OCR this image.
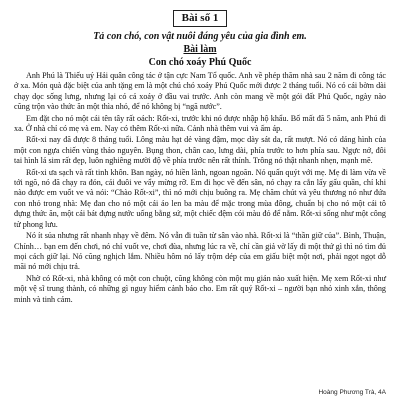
Bài số 1
Tả con chó, con vật nuôi đáng yêu của gia đình em.
Bài làm
Con chó xoáy Phú Quốc

Anh Phú là Thiếu uý Hải quân công tác ở tận cực Nam Tổ quốc. Anh về phép thăm nhà sau 2 năm đi công tác ở xa. Món quà đặc biệt của anh tặng em là một chú chó xoáy Phú Quốc mới được 2 tháng tuổi. Nó có cái bờm dài chạy dọc sống lưng, nhưng lại có cả xoáy ở đầu vai trước. Anh còn mang về một gói đất Phú Quốc, ngày nào cũng trộn vào thức ăn một thìa nhỏ, để nó không bị “ngã nước”.

Em đặt cho nó một cái tên tây rất oách: Rốt-xi, trước khi nó được nhập hộ khẩu. Bố mất đã 5 năm, anh Phú đi xa. Ở nhà chỉ có mẹ và em. Nay có thêm Rốt-xi nữa. Cảnh nhà thêm vui và ấm áp.

Rốt-xi nay đã được 8 tháng tuổi. Lông màu hạt dẻ vàng đậm, mọc dày sát da, rất mượt. Nó có dáng hình của một con ngựa chiến vùng thảo nguyên. Bụng thon, chân cao, lưng dài, phía trước to hơn phía sau. Ngực nở, đôi tai hình lá sim rất đẹp, luôn nghiêng mười độ về phía trước nên rất thính. Trông nó thật nhanh nhẹn, mạnh mẽ.

Rốt-xi ưa sạch và rất tinh khôn. Ban ngày, nó hiền lành, ngoan ngoãn. Nó quấn quýt với mẹ. Mẹ đi làm vừa về tới ngõ, nó đã chạy ra đón, cái đuôi ve vẩy mừng rỡ. Em đi học về đến sân, nó chạy ra cắn lấy gấu quần, chỉ khi nào được em vuốt ve và nói: “Chào Rốt-xi”, thì nó mới chịu buông ra. Mẹ chăm chút và yêu thương nó như đứa con nhỏ trong nhà: Mẹ đan cho nó một cái áo len ba màu để mặc trong mùa đông, chuẩn bị cho nó một cái tô đựng thức ăn, một cái bát đựng nước uống bằng sứ, một chiếc đệm cói màu đỏ để nằm. Rốt-xi sống như một công tử phong lưu.

Nó ít sủa nhưng rất nhanh nhạy về đêm. Nó vẫn đi tuần từ sân vào nhà. Rốt-xi là “thần giữ của”. Bình, Thuận, Chính… bạn em đến chơi, nó chỉ vuốt ve, chơi đùa, nhưng lúc ra về, chỉ cần giả vờ lấy đi một thứ gì thì nó tìm đủ mọi cách giữ lại. Nó cũng nghịch lắm. Nhiều hôm nó lấy trộm dép của em giấu biệt một nơi, phải ngọt ngọt dỗ mãi nó mới chịu trả.

Nhờ có Rốt-xi, nhà không có một con chuột, cũng không còn một mụ gián nào xuất hiện. Mẹ xem Rốt-xi như một vệ sĩ trung thành, có những gì nguy hiểm cảnh báo cho. Em rất quý Rốt-xi – người bạn nhỏ xinh xắn, thông minh và tinh cảm.

Hoàng Phương Trà, 4A
